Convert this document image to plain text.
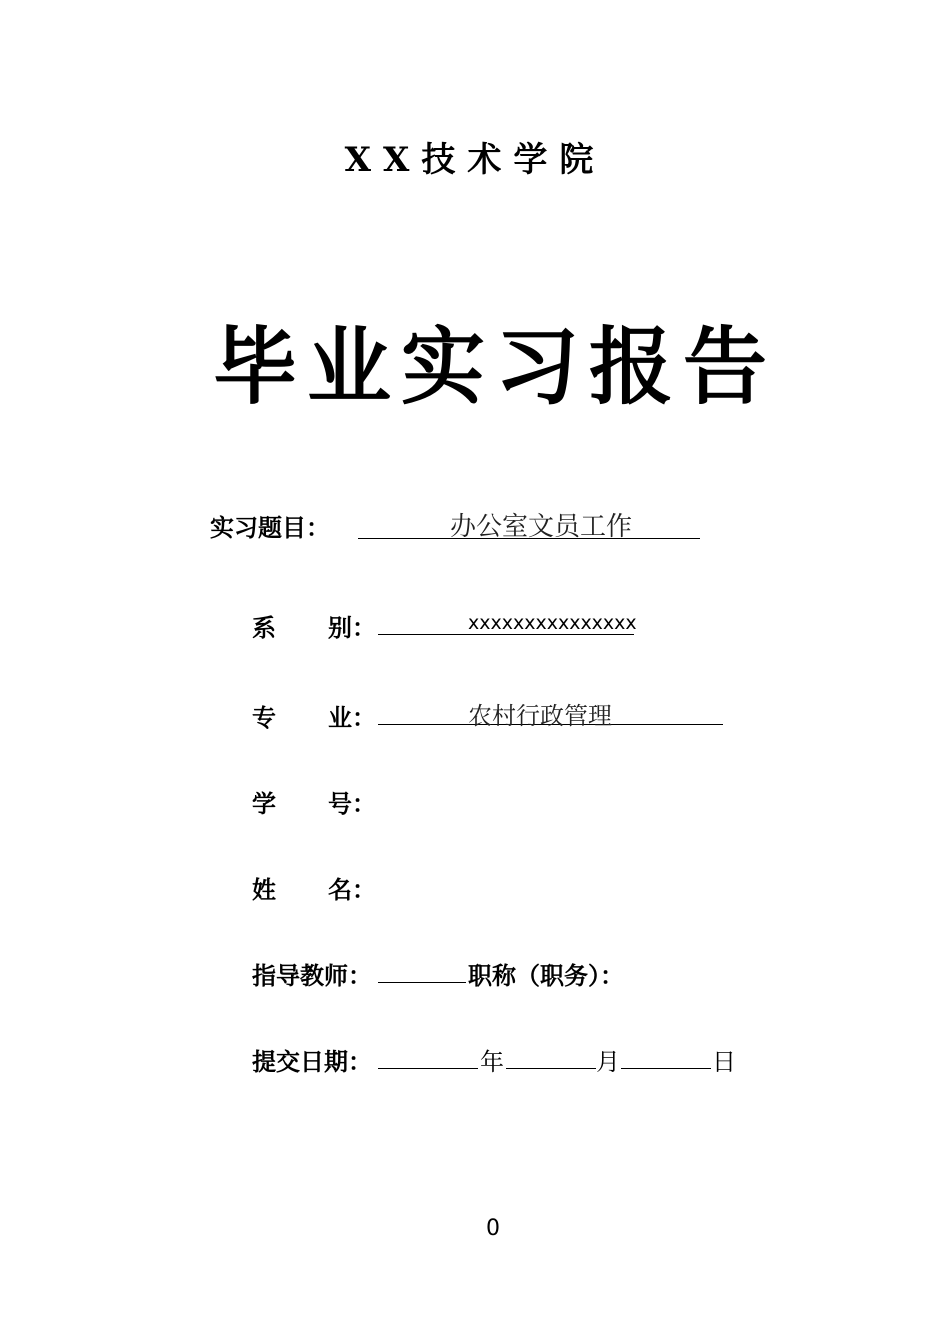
XX技术学院
毕业实习报告
实习题目：	办公室文员工作
系 别：	xxxxxxxxxxxxxxx
专 业：	农村行政管理
学 号：
姓 名：
指导教师：	职称（职务）：
提交日期：	年	月	日
0
